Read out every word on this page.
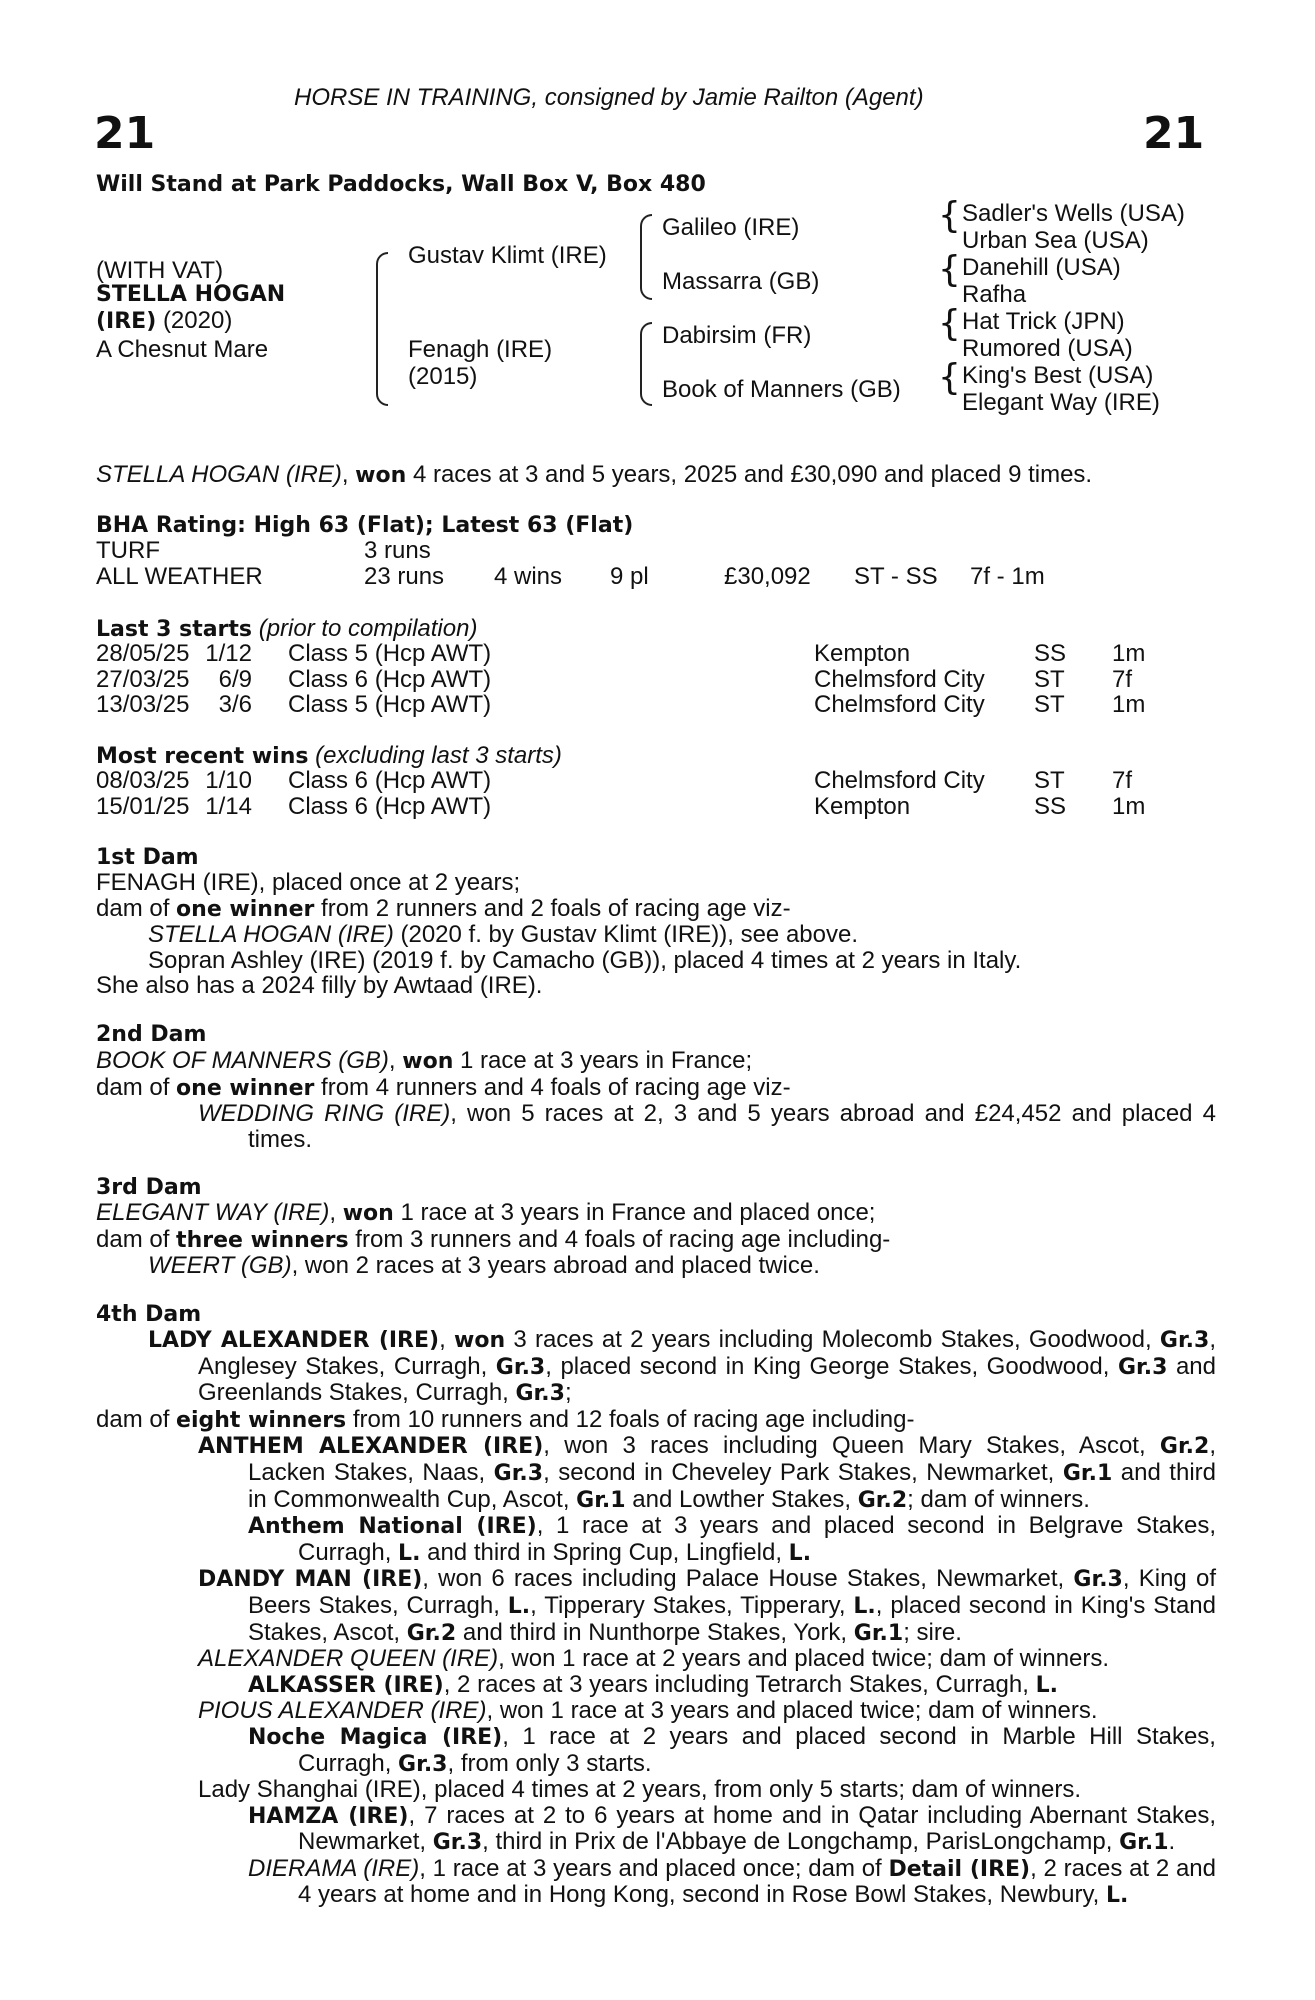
HORSE IN TRAINING, consigned by Jamie Railton (Agent)
21	21
Will Stand at Park Paddocks, Wall Box V, Box 480
(WITH VAT)
STELLA HOGAN
(IRE) (2020)
A Chesnut Mare
Gustav Klimt (IRE)
Fenagh (IRE)
(2015)
Galileo (IRE)
Massarra (GB)
Dabirsim (FR)
Book of Manners (GB)
{
{
{
{
Sadler's Wells (USA)
Urban Sea (USA)
Danehill (USA)
Rafha
Hat Trick (JPN)
Rumored (USA)
King's Best (USA)
Elegant Way (IRE)
STELLA HOGAN (IRE), won 4 races at 3 and 5 years, 2025 and £30,090 and placed 9 times.
BHA Rating: High 63 (Flat); Latest 63 (Flat)
TURF	3 runs
ALL WEATHER	23 runs 4 wins 9 pl	£30,092 ST - SS 7f - 1m
Last 3 starts (prior to compilation)
28/05/25 1/12 Class 5 (Hcp AWT)	Kempton	SS 1m
27/03/25	6/9 Class 6 (Hcp AWT)	Chelmsford City ST 7f
13/03/25	3/6 Class 5 (Hcp AWT)	Chelmsford City ST 1m
Most recent wins (excluding last 3 starts)
08/03/25 1/10 Class 6 (Hcp AWT)	Chelmsford City ST 7f
15/01/25 1/14 Class 6 (Hcp AWT)	Kempton	SS 1m
1st Dam

FENAGH (IRE), placed once at 2 years;

dam of one winner from 2 runners and 2 foals of racing age viz-

STELLA HOGAN (IRE) (2020 f. by Gustav Klimt (IRE)), see above.

Sopran Ashley (IRE) (2019 f. by Camacho (GB)), placed 4 times at 2 years in Italy.

She also has a 2024 filly by Awtaad (IRE).

2nd Dam

BOOK OF MANNERS (GB), won 1 race at 3 years in France;

dam of one winner from 4 runners and 4 foals of racing age viz-

WEDDING RING (IRE), won 5 races at 2, 3 and 5 years abroad and £24,452 and placed 4 times.

3rd Dam

ELEGANT WAY (IRE), won 1 race at 3 years in France and placed once;

dam of three winners from 3 runners and 4 foals of racing age including-

WEERT (GB), won 2 races at 3 years abroad and placed twice.

4th Dam

LADY ALEXANDER (IRE), won 3 races at 2 years including Molecomb Stakes, Goodwood, Gr.3, Anglesey Stakes, Curragh, Gr.3, placed second in King George Stakes, Goodwood, Gr.3 and Greenlands Stakes, Curragh, Gr.3;

dam of eight winners from 10 runners and 12 foals of racing age including-

ANTHEM ALEXANDER (IRE), won 3 races including Queen Mary Stakes, Ascot, Gr.2, Lacken Stakes, Naas, Gr.3, second in Cheveley Park Stakes, Newmarket, Gr.1 and third in Commonwealth Cup, Ascot, Gr.1 and Lowther Stakes, Gr.2; dam of winners.

Anthem National (IRE), 1 race at 3 years and placed second in Belgrave Stakes, Curragh, L. and third in Spring Cup, Lingfield, L.

DANDY MAN (IRE), won 6 races including Palace House Stakes, Newmarket, Gr.3, King of Beers Stakes, Curragh, L., Tipperary Stakes, Tipperary, L., placed second in King's Stand Stakes, Ascot, Gr.2 and third in Nunthorpe Stakes, York, Gr.1; sire.

ALEXANDER QUEEN (IRE), won 1 race at 2 years and placed twice; dam of winners.

ALKASSER (IRE), 2 races at 3 years including Tetrarch Stakes, Curragh, L.

PIOUS ALEXANDER (IRE), won 1 race at 3 years and placed twice; dam of winners.

Noche Magica (IRE), 1 race at 2 years and placed second in Marble Hill Stakes, Curragh, Gr.3, from only 3 starts.

Lady Shanghai (IRE), placed 4 times at 2 years, from only 5 starts; dam of winners.

HAMZA (IRE), 7 races at 2 to 6 years at home and in Qatar including Abernant Stakes, Newmarket, Gr.3, third in Prix de l'Abbaye de Longchamp, ParisLongchamp, Gr.1.

DIERAMA (IRE), 1 race at 3 years and placed once; dam of Detail (IRE), 2 races at 2 and 4 years at home and in Hong Kong, second in Rose Bowl Stakes, Newbury, L.
